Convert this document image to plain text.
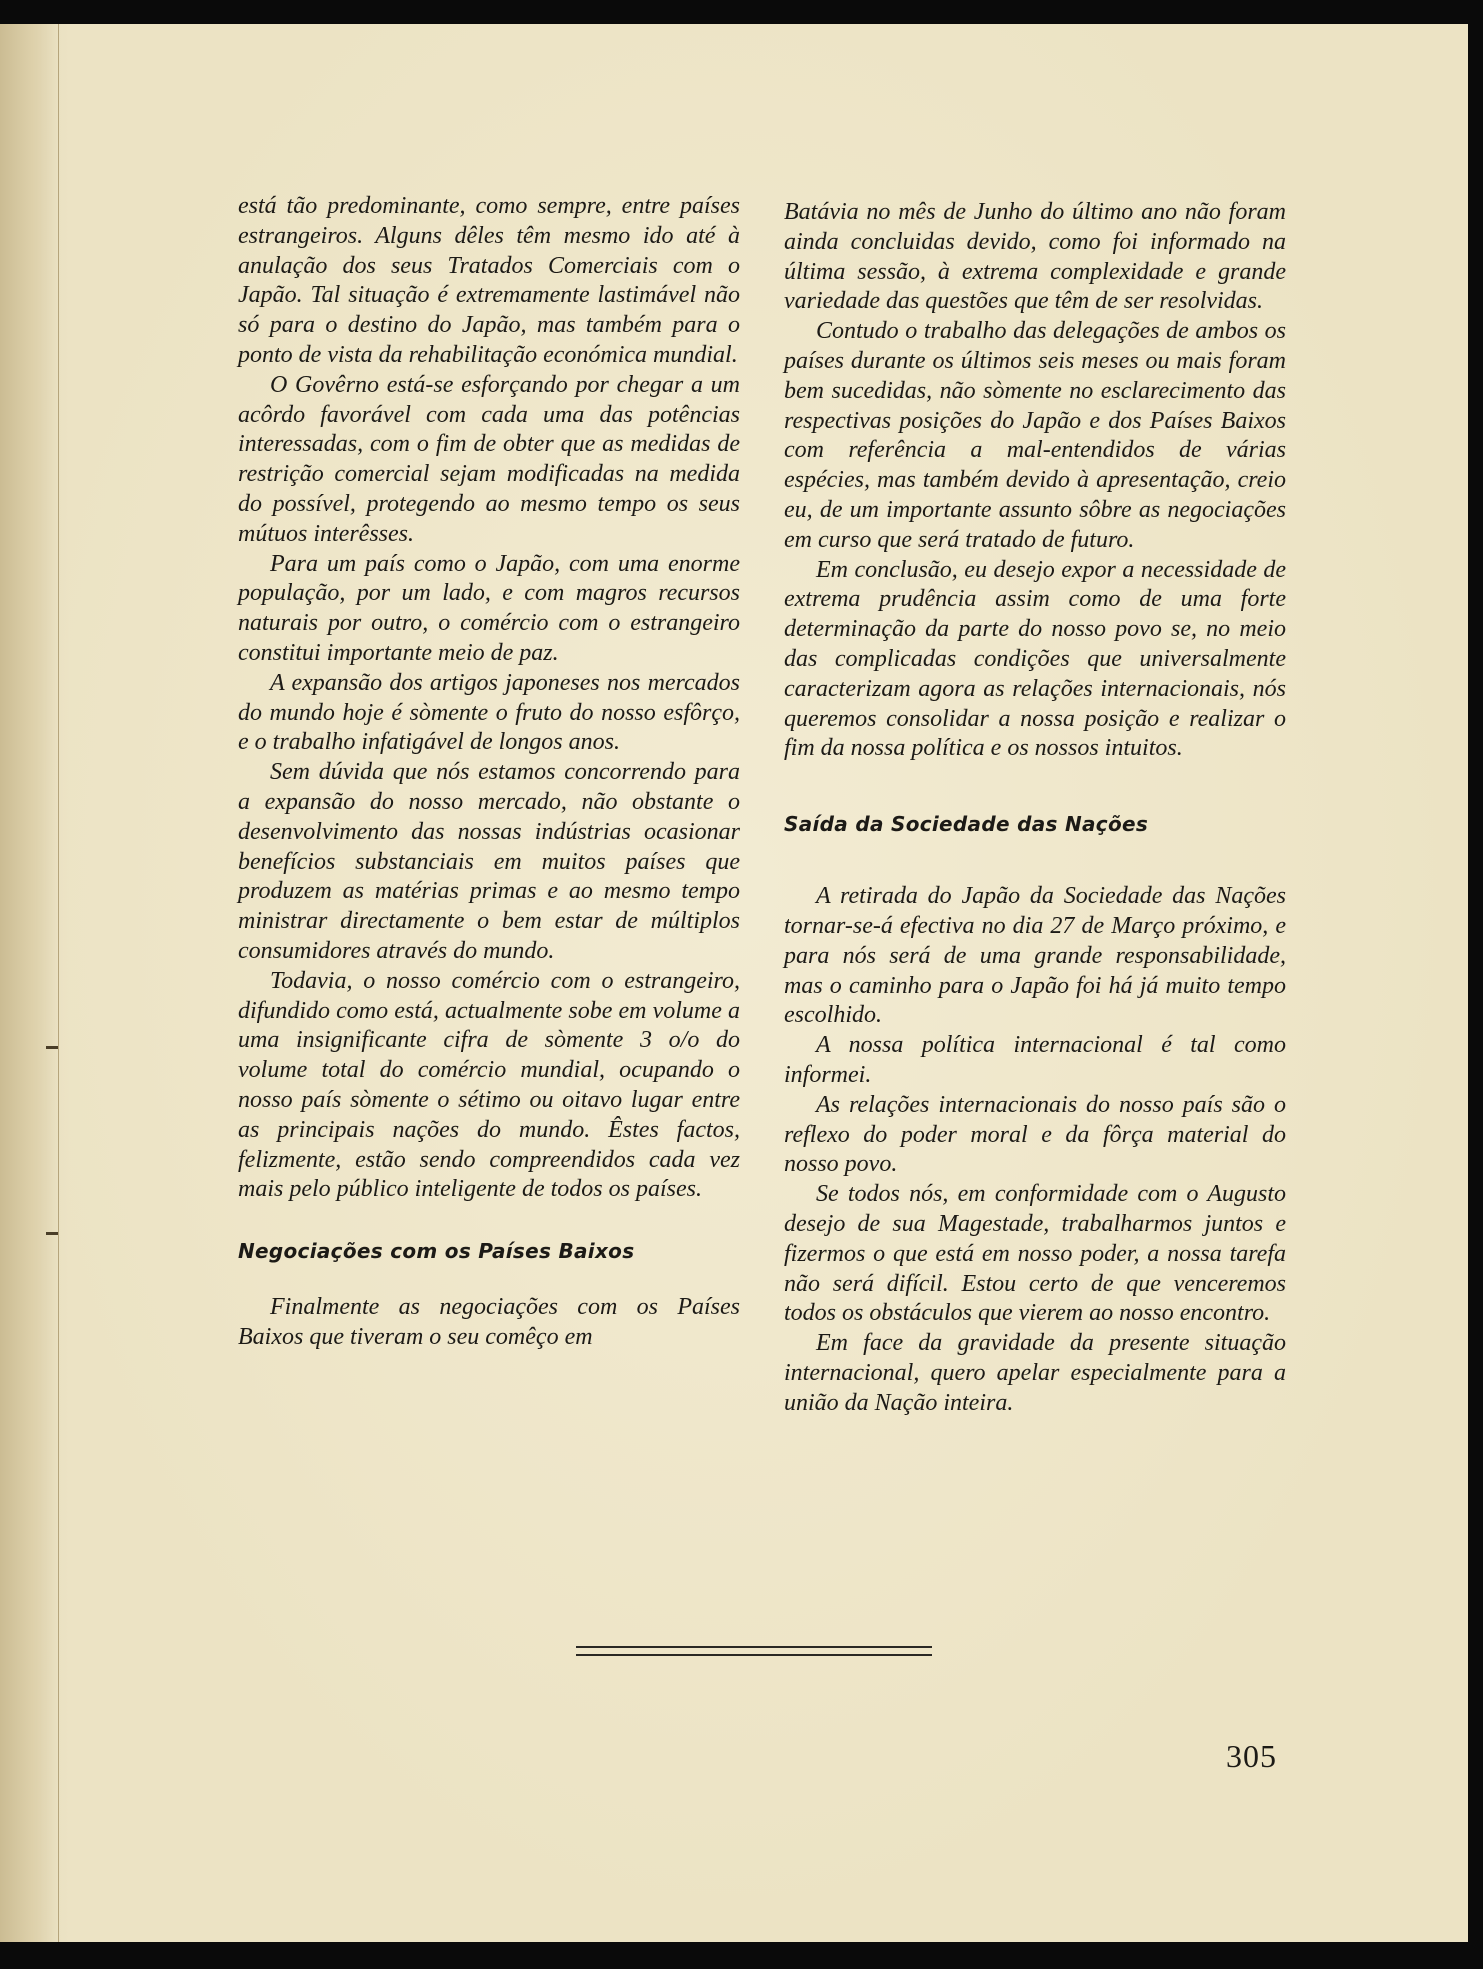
está tão predominante, como sempre, entre países estrangeiros. Alguns dêles têm mesmo ido até à anulação dos seus Tratados Comerciais com o Japão. Tal situação é extremamente lastimável não só para o destino do Japão, mas também para o ponto de vista da rehabilitação económica mundial.

O Govêrno está-se esforçando por chegar a um acôrdo favorável com cada uma das potências interessadas, com o fim de obter que as medidas de restrição comercial sejam modificadas na medida do possível, protegendo ao mesmo tempo os seus mútuos interêsses.

Para um país como o Japão, com uma enorme população, por um lado, e com magros recursos naturais por outro, o comércio com o estrangeiro constitui importante meio de paz.

A expansão dos artigos japoneses nos mercados do mundo hoje é sòmente o fruto do nosso esfôrço, e o trabalho infatigável de longos anos.

Sem dúvida que nós estamos concorrendo para a expansão do nosso mercado, não obstante o desenvolvimento das nossas indústrias ocasionar benefícios substanciais em muitos países que produzem as matérias primas e ao mesmo tempo ministrar directamente o bem estar de múltiplos consumidores através do mundo.

Todavia, o nosso comércio com o estrangeiro, difundido como está, actualmente sobe em volume a uma insignificante cifra de sòmente 3 o/o do volume total do comércio mundial, ocupando o nosso país sòmente o sétimo ou oitavo lugar entre as principais nações do mundo. Êstes factos, felizmente, estão sendo compreendidos cada vez mais pelo público inteligente de todos os países.

Negociações com os Países Baixos

Finalmente as negociações com os Países Baixos que tiveram o seu comêço em

Batávia no mês de Junho do último ano não foram ainda concluidas devido, como foi informado na última sessão, à extrema complexidade e grande variedade das questões que têm de ser resolvidas.

Contudo o trabalho das delegações de ambos os países durante os últimos seis meses ou mais foram bem sucedidas, não sòmente no esclarecimento das respectivas posições do Japão e dos Países Baixos com referência a mal-entendidos de várias espécies, mas também devido à apresentação, creio eu, de um importante assunto sôbre as negociações em curso que será tratado de futuro.

Em conclusão, eu desejo expor a necessidade de extrema prudência assim como de uma forte determinação da parte do nosso povo se, no meio das complicadas condições que universalmente caracterizam agora as relações internacionais, nós queremos consolidar a nossa posição e realizar o fim da nossa política e os nossos intuitos.

Saída da Sociedade das Nações

A retirada do Japão da Sociedade das Nações tornar-se-á efectiva no dia 27 de Março próximo, e para nós será de uma grande responsabilidade, mas o caminho para o Japão foi há já muito tempo escolhido.

A nossa política internacional é tal como informei.

As relações internacionais do nosso país são o reflexo do poder moral e da fôrça material do nosso povo.

Se todos nós, em conformidade com o Augusto desejo de sua Magestade, trabalharmos juntos e fizermos o que está em nosso poder, a nossa tarefa não será difícil. Estou certo de que venceremos todos os obstáculos que vierem ao nosso encontro.

Em face da gravidade da presente situação internacional, quero apelar especialmente para a união da Nação inteira.

305
